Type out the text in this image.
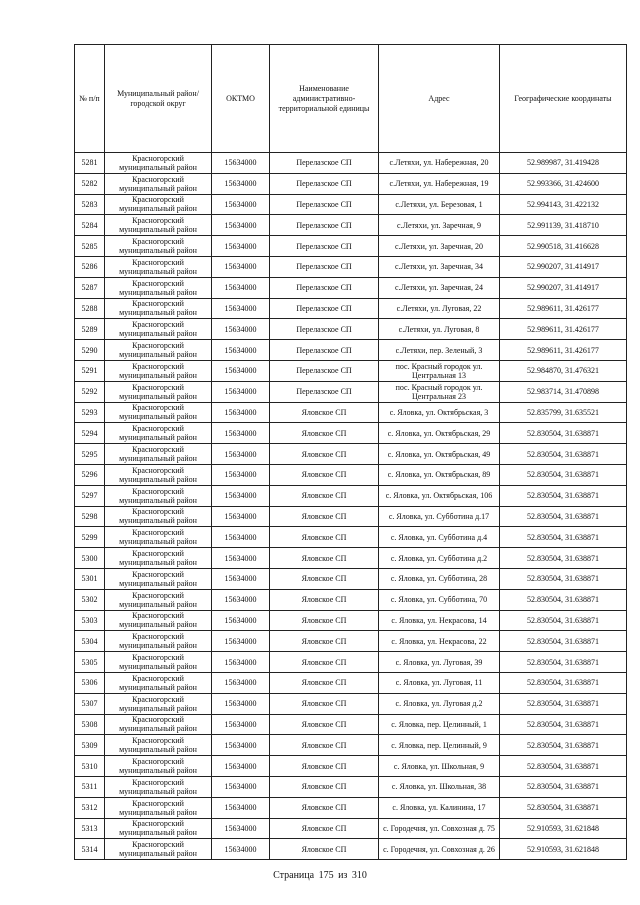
№ п/п	Муниципальный район/городской округ	ОКТМО	Наименование административно-территориальной единицы	Адрес	Географические координаты
5281	Красногорский муниципальный район	15634000	Перелазское СП	с.Летяхи, ул. Набережная, 20	52.989987, 31.419428
5282	Красногорский муниципальный район	15634000	Перелазское СП	с.Летяхи, ул. Набережная, 19	52.993366, 31.424600
5283	Красногорский муниципальный район	15634000	Перелазское СП	с.Летяхи, ул. Березовая, 1	52.994143, 31.422132
5284	Красногорский муниципальный район	15634000	Перелазское СП	с.Летяхи, ул. Заречная, 9	52.991139, 31.418710
5285	Красногорский муниципальный район	15634000	Перелазское СП	с.Летяхи, ул. Заречная, 20	52.990518, 31.416628
5286	Красногорский муниципальный район	15634000	Перелазское СП	с.Летяхи, ул. Заречная, 34	52.990207, 31.414917
5287	Красногорский муниципальный район	15634000	Перелазское СП	с.Летяхи, ул. Заречная, 24	52.990207, 31.414917
5288	Красногорский муниципальный район	15634000	Перелазское СП	с.Летяхи, ул. Луговая, 22	52.989611, 31.426177
5289	Красногорский муниципальный район	15634000	Перелазское СП	с.Летяхи, ул. Луговая, 8	52.989611, 31.426177
5290	Красногорский муниципальный район	15634000	Перелазское СП	с.Летяхи, пер. Зеленый, 3	52.989611, 31.426177
5291	Красногорский муниципальный район	15634000	Перелазское СП	пос. Красный городок ул. Центральная 13	52.984870, 31.476321
5292	Красногорский муниципальный район	15634000	Перелазское СП	пос. Красный городок ул. Центральная 23	52.983714, 31.470898
5293	Красногорский муниципальный район	15634000	Яловское СП	с. Яловка, ул. Октябрьская, 3	52.835799, 31.635521
5294	Красногорский муниципальный район	15634000	Яловское СП	с. Яловка, ул. Октябрьская, 29	52.830504, 31.638871
5295	Красногорский муниципальный район	15634000	Яловское СП	с. Яловка, ул. Октябрьская, 49	52.830504, 31.638871
5296	Красногорский муниципальный район	15634000	Яловское СП	с. Яловка, ул. Октябрьская, 89	52.830504, 31.638871
5297	Красногорский муниципальный район	15634000	Яловское СП	с. Яловка, ул. Октябрьская, 106	52.830504, 31.638871
5298	Красногорский муниципальный район	15634000	Яловское СП	с. Яловка, ул. Субботина д.17	52.830504, 31.638871
5299	Красногорский муниципальный район	15634000	Яловское СП	с. Яловка, ул. Субботина д.4	52.830504, 31.638871
5300	Красногорский муниципальный район	15634000	Яловское СП	с. Яловка, ул. Субботина д.2	52.830504, 31.638871
5301	Красногорский муниципальный район	15634000	Яловское СП	с. Яловка, ул. Субботина, 28	52.830504, 31.638871
5302	Красногорский муниципальный район	15634000	Яловское СП	с. Яловка, ул. Субботина, 70	52.830504, 31.638871
5303	Красногорский муниципальный район	15634000	Яловское СП	с. Яловка, ул. Некрасова, 14	52.830504, 31.638871
5304	Красногорский муниципальный район	15634000	Яловское СП	с. Яловка, ул. Некрасова, 22	52.830504, 31.638871
5305	Красногорский муниципальный район	15634000	Яловское СП	с. Яловка, ул. Луговая, 39	52.830504, 31.638871
5306	Красногорский муниципальный район	15634000	Яловское СП	с. Яловка, ул. Луговая, 11	52.830504, 31.638871
5307	Красногорский муниципальный район	15634000	Яловское СП	с. Яловка, ул. Луговая д.2	52.830504, 31.638871
5308	Красногорский муниципальный район	15634000	Яловское СП	с. Яловка, пер. Целинный, 1	52.830504, 31.638871
5309	Красногорский муниципальный район	15634000	Яловское СП	с. Яловка, пер. Целинный, 9	52.830504, 31.638871
5310	Красногорский муниципальный район	15634000	Яловское СП	с. Яловка, ул. Школьная, 9	52.830504, 31.638871
5311	Красногорский муниципальный район	15634000	Яловское СП	с. Яловка, ул. Школьная, 38	52.830504, 31.638871
5312	Красногорский муниципальный район	15634000	Яловское СП	с. Яловка, ул. Калинина, 17	52.830504, 31.638871
5313	Красногорский муниципальный район	15634000	Яловское СП	с. Городечня, ул. Совхозная д. 75	52.910593, 31.621848
5314	Красногорский муниципальный район	15634000	Яловское СП	с. Городечня, ул. Совхозная д. 26	52.910593, 31.621848
Страница 175 из 310
